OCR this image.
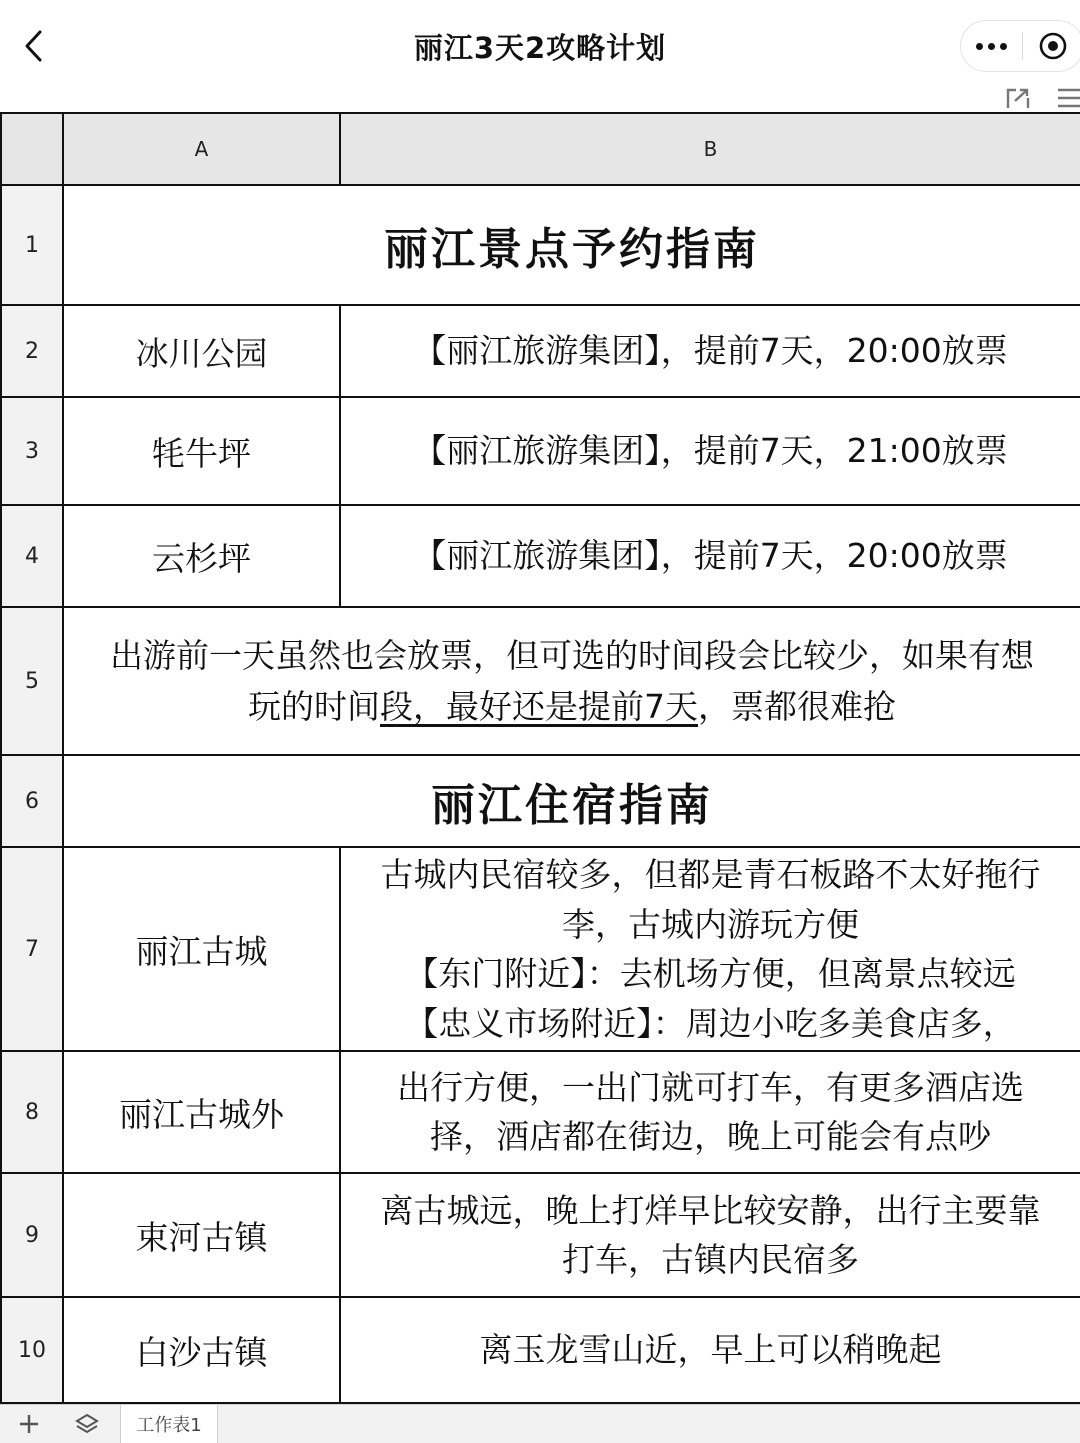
丽江3天2攻略计划
	A	B
1	丽江景点予约指南	
2	冰川公园	【丽江旅游集团】，提前7天，20:00放票
3	牦牛坪	【丽江旅游集团】，提前7天，21:00放票
4	云杉坪	【丽江旅游集团】，提前7天，20:00放票
5	出游前一天虽然也会放票，但可选的时间段会比较少，如果有想
玩的时间段，最好还是提前7天，票都很难抢	

6	丽江住宿指南	
7	丽江古城	古城内民宿较多，但都是青石板路不太好拖行
李，古城内游玩方便
【东门附近】：去机场方便，但离景点较远
【忠义市场附近】：周边小吃多美食店多，

8	丽江古城外	出行方便，一出门就可打车，有更多酒店选
择，酒店都在街边，晚上可能会有点吵

9	束河古镇	离古城远，晚上打烊早比较安静，出行主要靠
打车，古镇内民宿多

10	白沙古镇	离玉龙雪山近，早上可以稍晚起
工作表1
